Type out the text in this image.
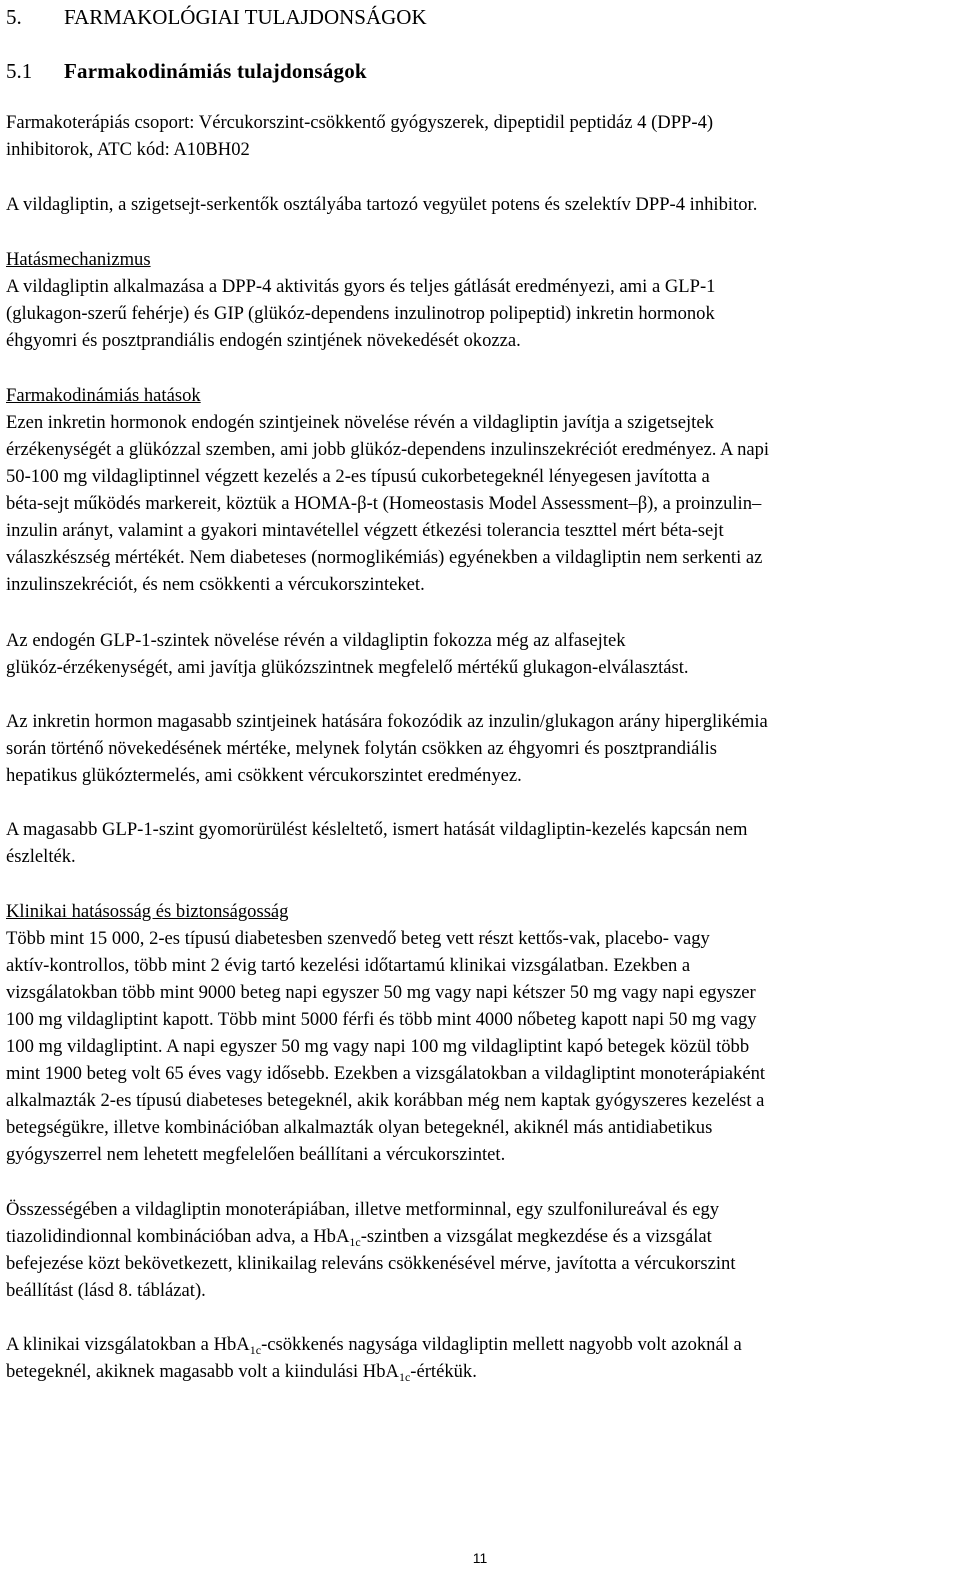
5. FARMAKOLÓGIAI TULAJDONSÁGOK
5.1 Farmakodinámiás tulajdonságok

Farmakoterápiás csoport: Vércukorszint-csökkentő gyógyszerek, dipeptidil peptidáz 4 (DPP-4)
inhibitorok, ATC kód: A10BH02

A vildagliptin, a szigetsejt-serkentők osztályába tartozó vegyület potens és szelektív DPP-4 inhibitor.

Hatásmechanizmus
A vildagliptin alkalmazása a DPP-4 aktivitás gyors és teljes gátlását eredményezi, ami a GLP-1
(glukagon-szerű fehérje) és GIP (glükóz-dependens inzulinotrop polipeptid) inkretin hormonok
éhgyomri és posztprandiális endogén szintjének növekedését okozza.

Farmakodinámiás hatások
Ezen inkretin hormonok endogén szintjeinek növelése révén a vildagliptin javítja a szigetsejtek
érzékenységét a glükózzal szemben, ami jobb glükóz-dependens inzulinszekréciót eredményez. A napi
50-100 mg vildagliptinnel végzett kezelés a 2-es típusú cukorbetegeknél lényegesen javította a
béta-sejt működés markereit, köztük a HOMA-β-t (Homeostasis Model Assessment–β), a proinzulin–
inzulin arányt, valamint a gyakori mintavétellel végzett étkezési tolerancia teszttel mért béta-sejt
válaszkészség mértékét. Nem diabeteses (normoglikémiás) egyénekben a vildagliptin nem serkenti az
inzulinszekréciót, és nem csökkenti a vércukorszinteket.

Az endogén GLP-1-szintek növelése révén a vildagliptin fokozza még az alfasejtek
glükóz-érzékenységét, ami javítja glükózszintnek megfelelő mértékű glukagon-elválasztást.

Az inkretin hormon magasabb szintjeinek hatására fokozódik az inzulin/glukagon arány hiperglikémia
során történő növekedésének mértéke, melynek folytán csökken az éhgyomri és posztprandiális
hepatikus glükóztermelés, ami csökkent vércukorszintet eredményez.

A magasabb GLP-1-szint gyomorürülést késleltető, ismert hatását vildagliptin-kezelés kapcsán nem
észlelték.

Klinikai hatásosság és biztonságosság
Több mint 15 000, 2-es típusú diabetesben szenvedő beteg vett részt kettős-vak, placebo- vagy
aktív-kontrollos, több mint 2 évig tartó kezelési időtartamú klinikai vizsgálatban. Ezekben a
vizsgálatokban több mint 9000 beteg napi egyszer 50 mg vagy napi kétszer 50 mg vagy napi egyszer
100 mg vildagliptint kapott. Több mint 5000 férfi és több mint 4000 nőbeteg kapott napi 50 mg vagy
100 mg vildagliptint. A napi egyszer 50 mg vagy napi 100 mg vildagliptint kapó betegek közül több
mint 1900 beteg volt 65 éves vagy idősebb. Ezekben a vizsgálatokban a vildagliptint monoterápiaként
alkalmazták 2-es típusú diabeteses betegeknél, akik korábban még nem kaptak gyógyszeres kezelést a
betegségükre, illetve kombinációban alkalmazták olyan betegeknél, akiknél más antidiabetikus
gyógyszerrel nem lehetett megfelelően beállítani a vércukorszintet.

Összességében a vildagliptin monoterápiában, illetve metforminnal, egy szulfonilureával és egy
tiazolidindionnal kombinációban adva, a HbA$_{1c}$-szintben a vizsgálat megkezdése és a vizsgálat
befejezése közt bekövetkezett, klinikailag releváns csökkenésével mérve, javította a vércukorszint
beállítást (lásd 8. táblázat).

A klinikai vizsgálatokban a HbA$_{1c}$-csökkenés nagysága vildagliptin mellett nagyobb volt azoknál a
betegeknél, akiknek magasabb volt a kiindulási HbA$_{1c}$-értékük.

11
